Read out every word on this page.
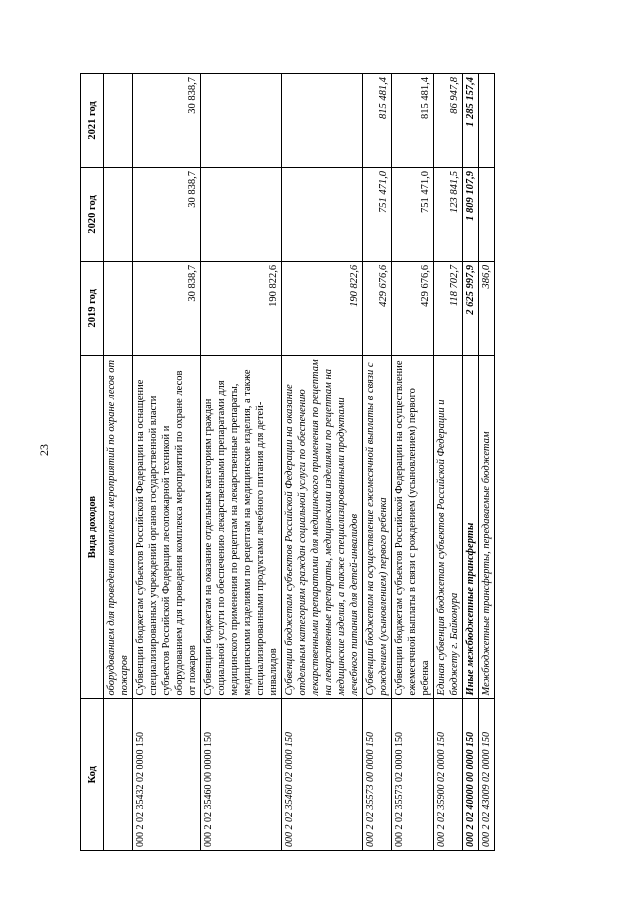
23
Код	Вида доходов	2019 год	2020 год	2021 год
	оборудованием для проведения комплекса мероприятий по охране лесов от пожаров			
000 2 02 35432 02 0000 150	Субвенции бюджетам субъектов Российской Федерации на оснащение специализированных учреждений органов государственной власти субъектов Российской Федерации лесопожарной техникой и оборудованием для проведения комплекса мероприятий по охране лесов от пожаров	30 838,7	30 838,7	30 838,7
000 2 02 35460 00 0000 150	Субвенции бюджетам на оказание отдельным категориям граждан социальной услуги по обеспечению лекарственными препаратами для медицинского применения по рецептам на лекарственные препараты, медицинскими изделиями по рецептам на медицинские изделия, а также специализированными продуктами лечебного питания для детей-инвалидов	190 822,6		
000 2 02 35460 02 0000 150	Субвенции бюджетам субъектов Российской Федерации на оказание отдельным категориям граждан социальной услуги по обеспечению лекарственными препаратами для медицинского применения по рецептам на лекарственные препараты, медицинскими изделиями по рецептам на медицинские изделия, а также специализированными продуктами лечебного питания для детей-инвалидов	190 822,6		
000 2 02 35573 00 0000 150	Субвенции бюджетам на осуществление ежемесячной выплаты в связи с рождением (усыновлением) первого ребенка	429 676,6	751 471,0	815 481,4
000 2 02 35573 02 0000 150	Субвенции бюджетам субъектов Российской Федерации на осуществление ежемесячной выплаты в связи с рождением (усыновлением) первого ребенка	429 676,6	751 471,0	815 481,4
000 2 02 35900 02 0000 150	Единая субвенция бюджетам субъектов Российской Федерации и бюджету г. Байконура	118 702,7	123 841,5	86 947,8
000 2 02 40000 00 0000 150	Иные межбюджетные трансферты	2 625 997,9	1 809 107,9	1 285 157,4
000 2 02 43009 02 0000 150	Межбюджетные трансферты, передаваемые бюджетам	386,0		
